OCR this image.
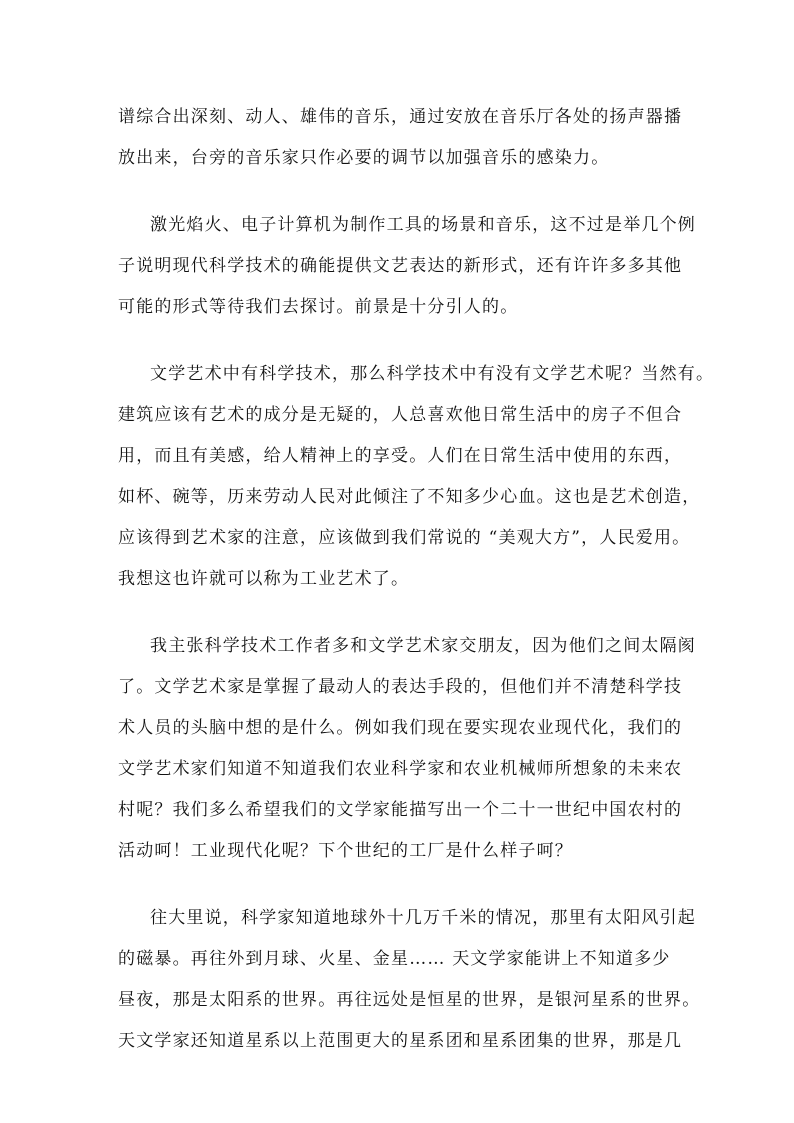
谱综合出深刻、动人、雄伟的音乐，通过安放在音乐厅各处的扬声器播
放出来，台旁的音乐家只作必要的调节以加强音乐的感染力。
激光焰火、电子计算机为制作工具的场景和音乐，这不过是举几个例
子说明现代科学技术的确能提供文艺表达的新形式，还有许许多多其他
可能的形式等待我们去探讨。前景是十分引人的。
文学艺术中有科学技术，那么科学技术中有没有文学艺术呢？当然有。
建筑应该有艺术的成分是无疑的，人总喜欢他日常生活中的房子不但合
用，而且有美感，给人精神上的享受。人们在日常生活中使用的东西，
如杯、碗等，历来劳动人民对此倾注了不知多少心血。这也是艺术创造，
应该得到艺术家的注意，应该做到我们常说的 “美观大方”，人民爱用。
我想这也许就可以称为工业艺术了。
我主张科学技术工作者多和文学艺术家交朋友，因为他们之间太隔阂
了。文学艺术家是掌握了最动人的表达手段的，但他们并不清楚科学技
术人员的头脑中想的是什么。例如我们现在要实现农业现代化，我们的
文学艺术家们知道不知道我们农业科学家和农业机械师所想象的未来农
村呢？我们多么希望我们的文学家能描写出一个二十一世纪中国农村的
活动呵！工业现代化呢？下个世纪的工厂是什么样子呵？
往大里说，科学家知道地球外十几万千米的情况，那里有太阳风引起
的磁暴。再往外到月球、火星、金星…… 天文学家能讲上不知道多少
昼夜，那是太阳系的世界。再往远处是恒星的世界，是银河星系的世界。
天文学家还知道星系以上范围更大的星系团和星系团集的世界，那是几
